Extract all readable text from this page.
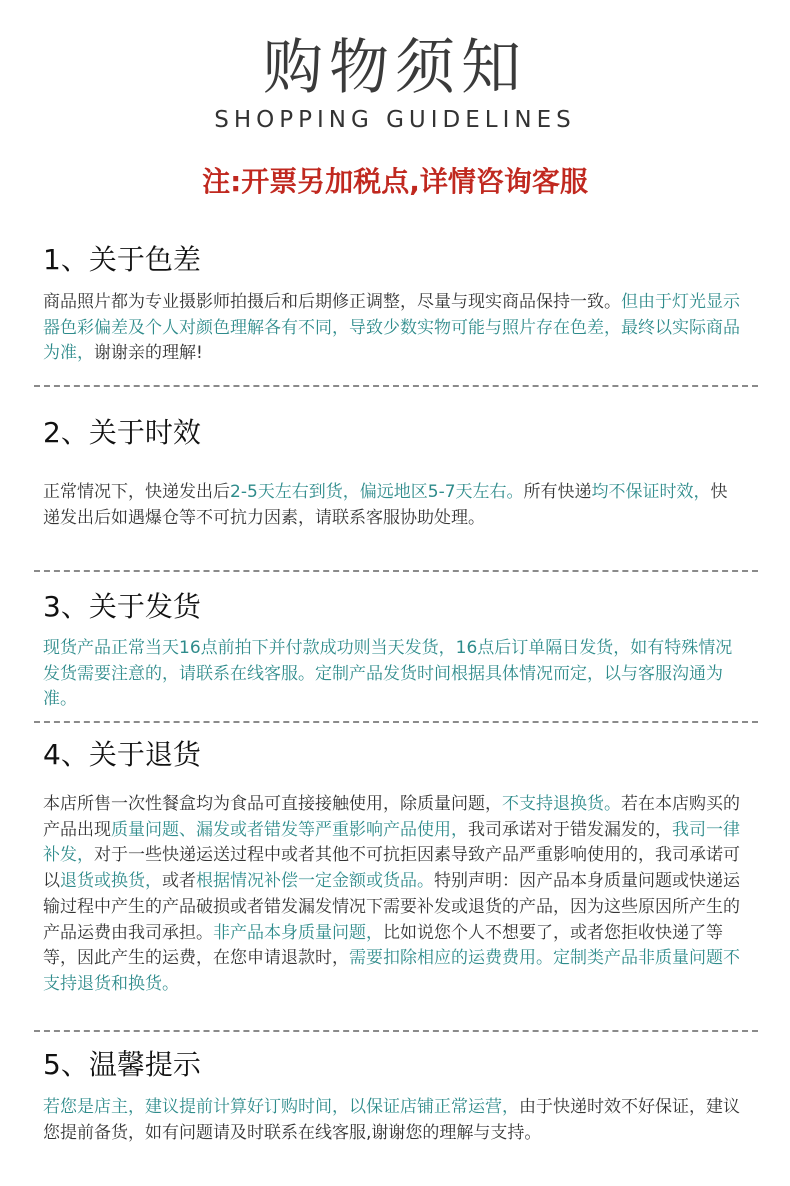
购物须知
SHOPPING GUIDELINES
注:开票另加税点,详情咨询客服
1、关于色差
商品照片都为专业摄影师拍摄后和后期修正调整，尽量与现实商品保持一致。但由于灯光显示器色彩偏差及个人对颜色理解各有不同，导致少数实物可能与照片存在色差，最终以实际商品为准，谢谢亲的理解!
2、关于时效
正常情况下，快递发出后2-5天左右到货，偏远地区5-7天左右。所有快递均不保证时效，快递发出后如遇爆仓等不可抗力因素，请联系客服协助处理。
3、关于发货
现货产品正常当天16点前拍下并付款成功则当天发货，16点后订单隔日发货，如有特殊情况发货需要注意的，请联系在线客服。定制产品发货时间根据具体情况而定，以与客服沟通为准。
4、关于退货
本店所售一次性餐盒均为食品可直接接触使用，除质量问题，不支持退换货。若在本店购买的产品出现质量问题、漏发或者错发等严重影响产品使用，我司承诺对于错发漏发的，我司一律补发，对于一些快递运送过程中或者其他不可抗拒因素导致产品严重影响使用的，我司承诺可以退货或换货，或者根据情况补偿一定金额或货品。特别声明：因产品本身质量问题或快递运输过程中产生的产品破损或者错发漏发情况下需要补发或退货的产品，因为这些原因所产生的产品运费由我司承担。非产品本身质量问题，比如说您个人不想要了，或者您拒收快递了等等，因此产生的运费，在您申请退款时，需要扣除相应的运费费用。定制类产品非质量问题不支持退货和换货。
5、温馨提示
若您是店主，建议提前计算好订购时间，以保证店铺正常运营，由于快递时效不好保证，建议您提前备货，如有问题请及时联系在线客服,谢谢您的理解与支持。
